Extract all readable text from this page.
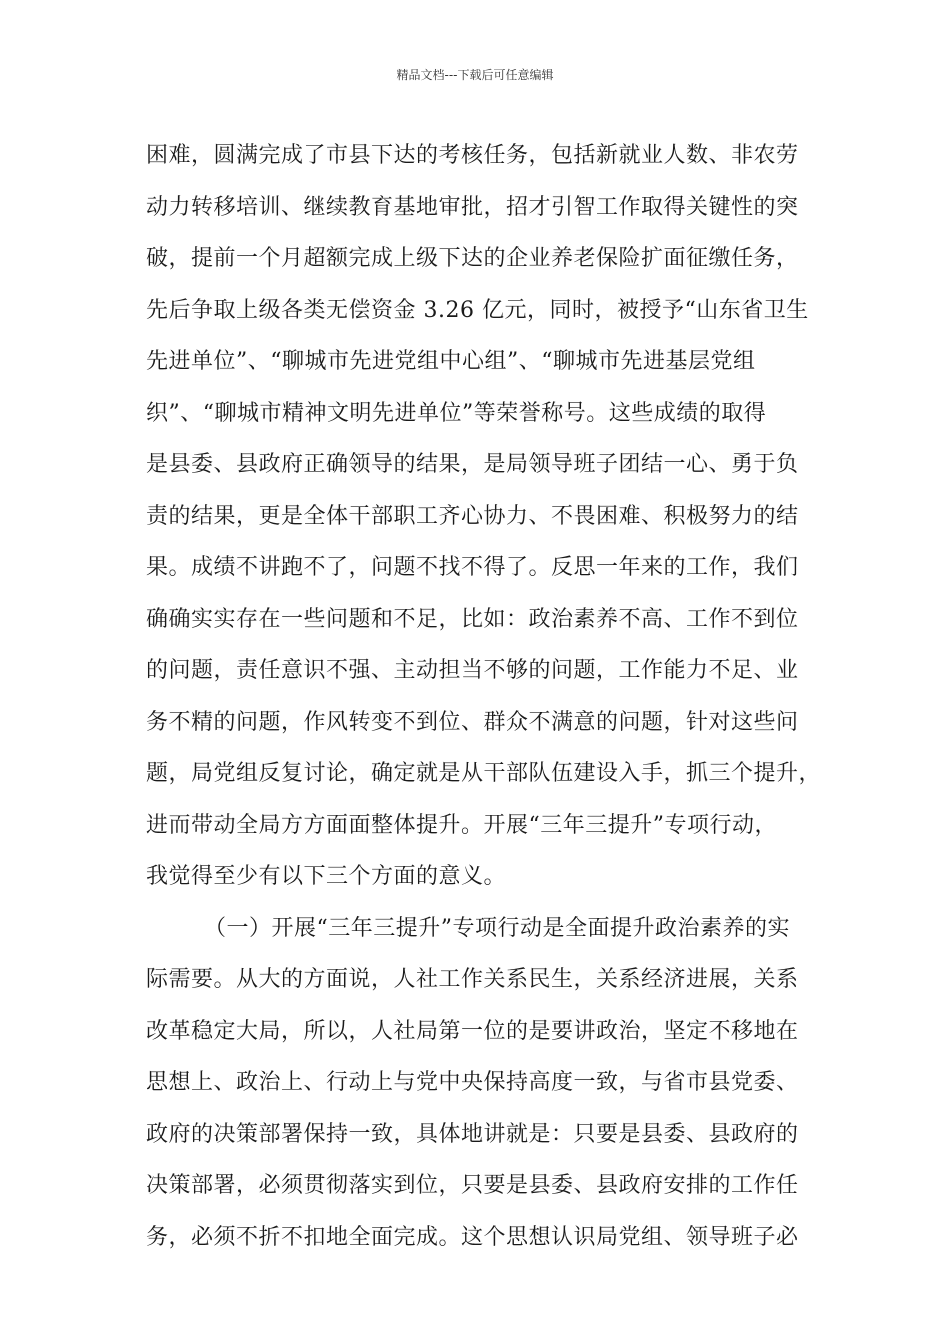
精品文档---下载后可任意编辑
困难，圆满完成了市县下达的考核任务，包括新就业人数、非农劳
动力转移培训、继续教育基地审批，招才引智工作取得关键性的突
破，提前一个月超额完成上级下达的企业养老保险扩面征缴任务，
先后争取上级各类无偿资金 3.26 亿元，同时，被授予“山东省卫生
先进单位”、“聊城市先进党组中心组”、“聊城市先进基层党组
织”、“聊城市精神文明先进单位”等荣誉称号。这些成绩的取得
是县委、县政府正确领导的结果，是局领导班子团结一心、勇于负
责的结果，更是全体干部职工齐心协力、不畏困难、积极努力的结
果。成绩不讲跑不了，问题不找不得了。反思一年来的工作，我们
确确实实存在一些问题和不足，比如：政治素养不高、工作不到位
的问题，责任意识不强、主动担当不够的问题，工作能力不足、业
务不精的问题，作风转变不到位、群众不满意的问题，针对这些问
题，局党组反复讨论，确定就是从干部队伍建设入手，抓三个提升，
进而带动全局方方面面整体提升。开展“三年三提升”专项行动，
我觉得至少有以下三个方面的意义。
（一）开展“三年三提升”专项行动是全面提升政治素养的实
际需要。从大的方面说，人社工作关系民生，关系经济进展，关系
改革稳定大局，所以，人社局第一位的是要讲政治，坚定不移地在
思想上、政治上、行动上与党中央保持高度一致，与省市县党委、
政府的决策部署保持一致，具体地讲就是：只要是县委、县政府的
决策部署，必须贯彻落实到位，只要是县委、县政府安排的工作任
务，必须不折不扣地全面完成。这个思想认识局党组、领导班子必
